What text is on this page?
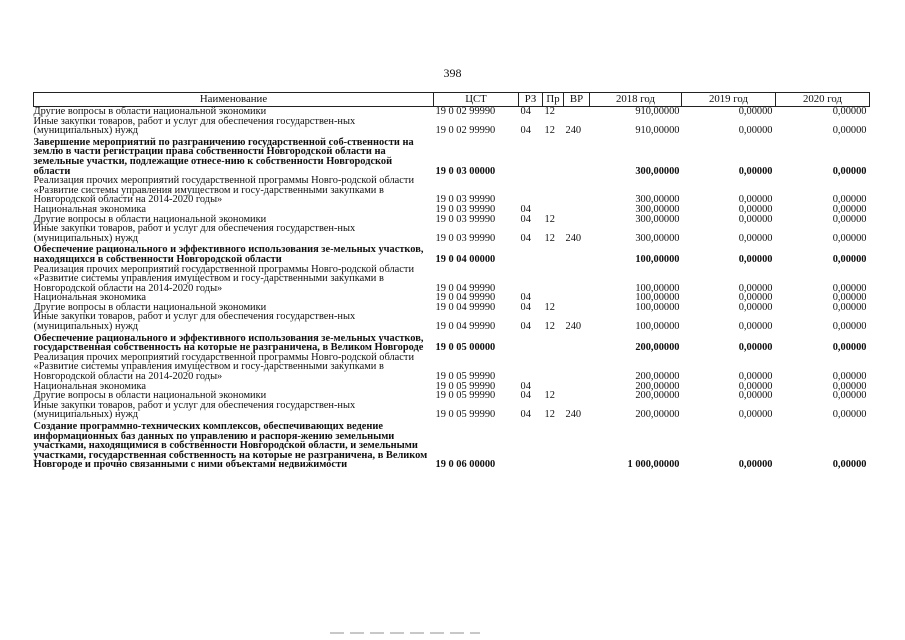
398
Наименование	ЦСТ	РЗ	Пр	ВР	2018 год	2019 год	2020 год
Другие вопросы в области национальной экономики	19 0 02 99990	04	12		910,00000	0,00000	0,00000
Иные закупки товаров, работ и услуг для обеспечения государствен-ных (муниципальных) нужд	19 0 02 99990	04	12	240	910,00000	0,00000	0,00000
Завершение мероприятий по разграничению государственной соб-ственности на землю в части регистрации права собственности Новгородской области на земельные участки, подлежащие отнесе-нию к собственности Новгородской области	19 0 03 00000				300,00000	0,00000	0,00000
Реализация прочих мероприятий государственной программы Новго-родской области «Развитие системы управления имуществом и госу-дарственными закупками в Новгородской области на 2014-2020 годы»	19 0 03 99990				300,00000	0,00000	0,00000
Национальная экономика	19 0 03 99990	04			300,00000	0,00000	0,00000
Другие вопросы в области национальной экономики	19 0 03 99990	04	12		300,00000	0,00000	0,00000
Иные закупки товаров, работ и услуг для обеспечения государствен-ных (муниципальных) нужд	19 0 03 99990	04	12	240	300,00000	0,00000	0,00000
Обеспечение рационального и эффективного использования зе-мельных участков, находящихся в собственности Новгородской области	19 0 04 00000				100,00000	0,00000	0,00000
Реализация прочих мероприятий государственной программы Новго-родской области «Развитие системы управления имуществом и госу-дарственными закупками в Новгородской области на 2014-2020 годы»	19 0 04 99990				100,00000	0,00000	0,00000
Национальная экономика	19 0 04 99990	04			100,00000	0,00000	0,00000
Другие вопросы в области национальной экономики	19 0 04 99990	04	12		100,00000	0,00000	0,00000
Иные закупки товаров, работ и услуг для обеспечения государствен-ных (муниципальных) нужд	19 0 04 99990	04	12	240	100,00000	0,00000	0,00000
Обеспечение рационального и эффективного использования зе-мельных участков, государственная собственность на которые не разграничена, в Великом Новгороде	19 0 05 00000				200,00000	0,00000	0,00000
Реализация прочих мероприятий государственной программы Новго-родской области «Развитие системы управления имуществом и госу-дарственными закупками в Новгородской области на 2014-2020 годы»	19 0 05 99990				200,00000	0,00000	0,00000
Национальная экономика	19 0 05 99990	04			200,00000	0,00000	0,00000
Другие вопросы в области национальной экономики	19 0 05 99990	04	12		200,00000	0,00000	0,00000
Иные закупки товаров, работ и услуг для обеспечения государствен-ных (муниципальных) нужд	19 0 05 99990	04	12	240	200,00000	0,00000	0,00000
Создание программно-технических комплексов, обеспечивающих ведение информационных баз данных по управлению и распоря-жению земельными участками, находящимися в собственности Новгородской области, и земельными участками, государственная собственность на которые не разграничена, в Великом Новгороде и прочно связанными с ними объектами недвижимости	19 0 06 00000				1 000,00000	0,00000	0,00000
